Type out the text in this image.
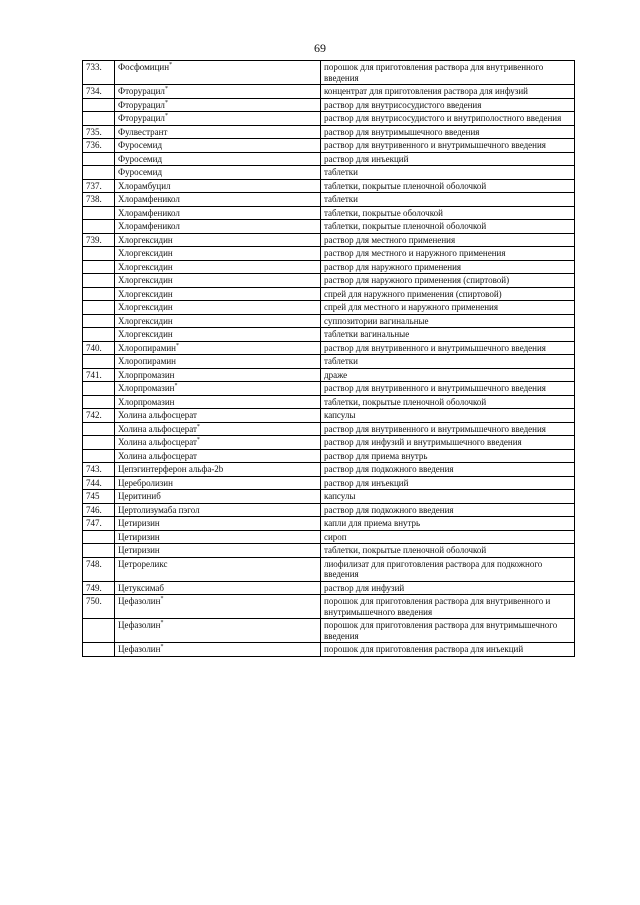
69
733.	Фосфомицин*	порошок для приготовления раствора для внутривенного введения
734.	Фторурацил*	концентрат для приготовления раствора для инфузий
	Фторурацил*	раствор для внутрисосудистого введения
	Фторурацил*	раствор для внутрисосудистого и внутриполостного введения
735.	Фулвестрант	раствор для внутримышечного введения
736.	Фуросемид	раствор для внутривенного и внутримышечного введения
	Фуросемид	раствор для инъекций
	Фуросемид	таблетки
737.	Хлорамбуцил	таблетки, покрытые пленочной оболочкой
738.	Хлорамфеникол	таблетки
	Хлорамфеникол	таблетки, покрытые оболочкой
	Хлорамфеникол	таблетки, покрытые пленочной оболочкой
739.	Хлоргексидин	раствор для местного применения
	Хлоргексидин	раствор для местного и наружного применения
	Хлоргексидин	раствор для наружного применения
	Хлоргексидин	раствор для наружного применения (спиртовой)
	Хлоргексидин	спрей для наружного применения (спиртовой)
	Хлоргексидин	спрей для местного и наружного применения
	Хлоргексидин	суппозитории вагинальные
	Хлоргексидин	таблетки вагинальные
740.	Хлоропирамин*	раствор для внутривенного и внутримышечного введения
	Хлоропирамин	таблетки
741.	Хлорпромазин	драже
	Хлорпромазин*	раствор для внутривенного и внутримышечного введения
	Хлорпромазин	таблетки, покрытые пленочной оболочкой
742.	Холина альфосцерат	капсулы
	Холина альфосцерат*	раствор для внутривенного и внутримышечного введения
	Холина альфосцерат*	раствор для инфузий и внутримышечного введения
	Холина альфосцерат	раствор для приема внутрь
743.	Цепэгинтерферон альфа-2b	раствор для подкожного введения
744.	Церебролизин	раствор для инъекций
745	Церитиниб	капсулы
746.	Цертолизумаба пэгол	раствор для подкожного введения
747.	Цетиризин	капли для приема внутрь
	Цетиризин	сироп
	Цетиризин	таблетки, покрытые пленочной оболочкой
748.	Цетрореликс	лиофилизат для приготовления раствора для подкожного введения
749.	Цетуксимаб	раствор для инфузий
750.	Цефазолин*	порошок для приготовления раствора для внутривенного и внутримышечного введения
	Цефазолин*	порошок для приготовления раствора для внутримышечного введения
	Цефазолин*	порошок для приготовления раствора для инъекций
